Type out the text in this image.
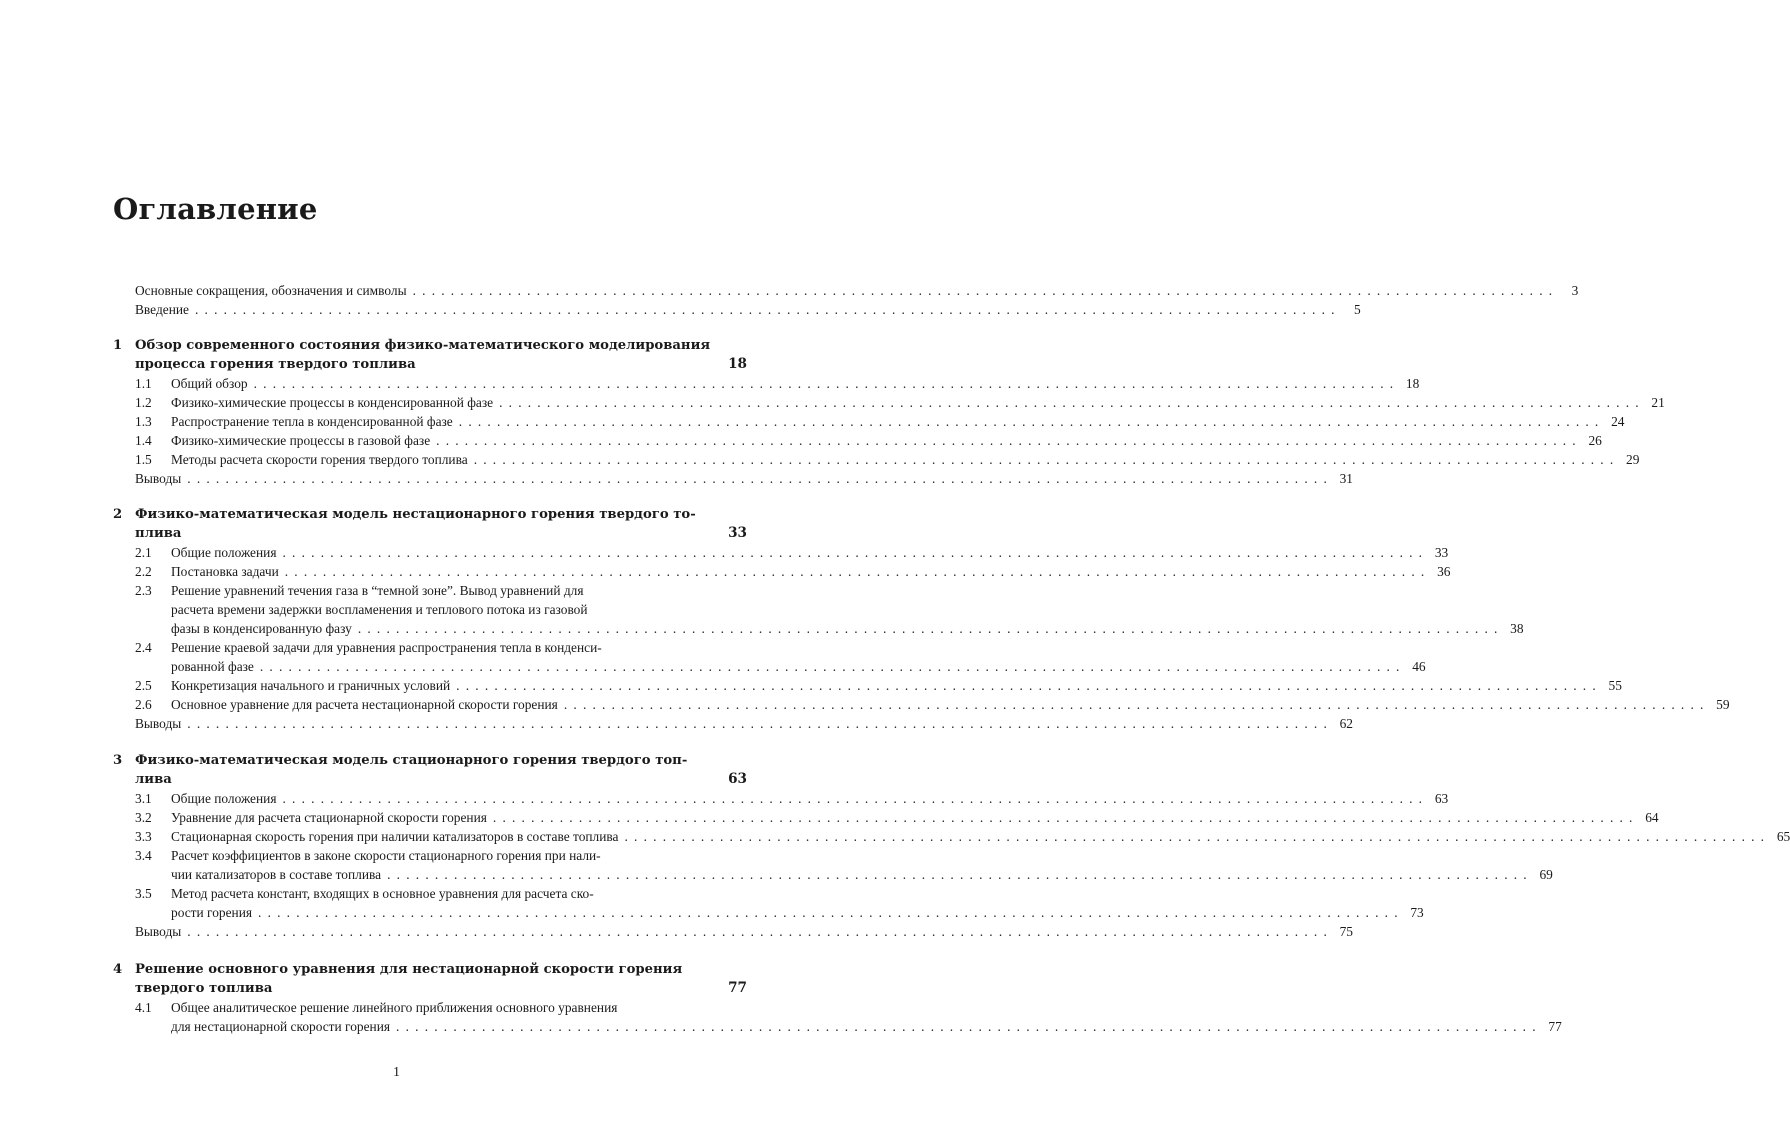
Оглавление
Основные сокращения, обозначения и символы ........................................................................................................................ 3
Введение ........................................................................................................................ 5
1 Обзор современного состояния физико-математического моделирования
процесса горения твердого топлива	18
1.1 Общий обзор ........................................................................................................................ 18
1.2 Физико-химические процессы в конденсированной фазе ........................................................................................................................ 21
1.3 Распространение тепла в конденсированной фазе ........................................................................................................................ 24
1.4 Физико-химические процессы в газовой фазе ........................................................................................................................ 26
1.5 Методы расчета скорости горения твердого топлива ........................................................................................................................ 29
Выводы ........................................................................................................................ 31
2 Физико-математическая модель нестационарного горения твердого то-
плива	33
2.1 Общие положения ........................................................................................................................ 33
2.2 Постановка задачи ........................................................................................................................ 36
2.3 Решение уравнений течения газа в “темной зоне”. Вывод уравнений для
расчета времени задержки воспламенения и теплового потока из газовой
фазы в конденсированную фазу ........................................................................................................................ 38
2.4 Решение краевой задачи для уравнения распространения тепла в конденси-
рованной фазе ........................................................................................................................ 46
2.5 Конкретизация начального и граничных условий ........................................................................................................................ 55
2.6 Основное уравнение для расчета нестационарной скорости горения ........................................................................................................................ 59
Выводы ........................................................................................................................ 62
3 Физико-математическая модель стационарного горения твердого топ-
лива	63
3.1 Общие положения ........................................................................................................................ 63
3.2 Уравнение для расчета стационарной скорости горения ........................................................................................................................ 64
3.3 Стационарная скорость горения при наличии катализаторов в составе топлива ........................................................................................................................ 65
3.4 Расчет коэффициентов в законе скорости стационарного горения при нали-
чии катализаторов в составе топлива ........................................................................................................................ 69
3.5 Метод расчета констант, входящих в основное уравнения для расчета ско-
рости горения ........................................................................................................................ 73
Выводы ........................................................................................................................ 75
4 Решение основного уравнения для нестационарной скорости горения
твердого топлива	77
4.1 Общее аналитическое решение линейного приближения основного уравнения
для нестационарной скорости горения ........................................................................................................................ 77
1
